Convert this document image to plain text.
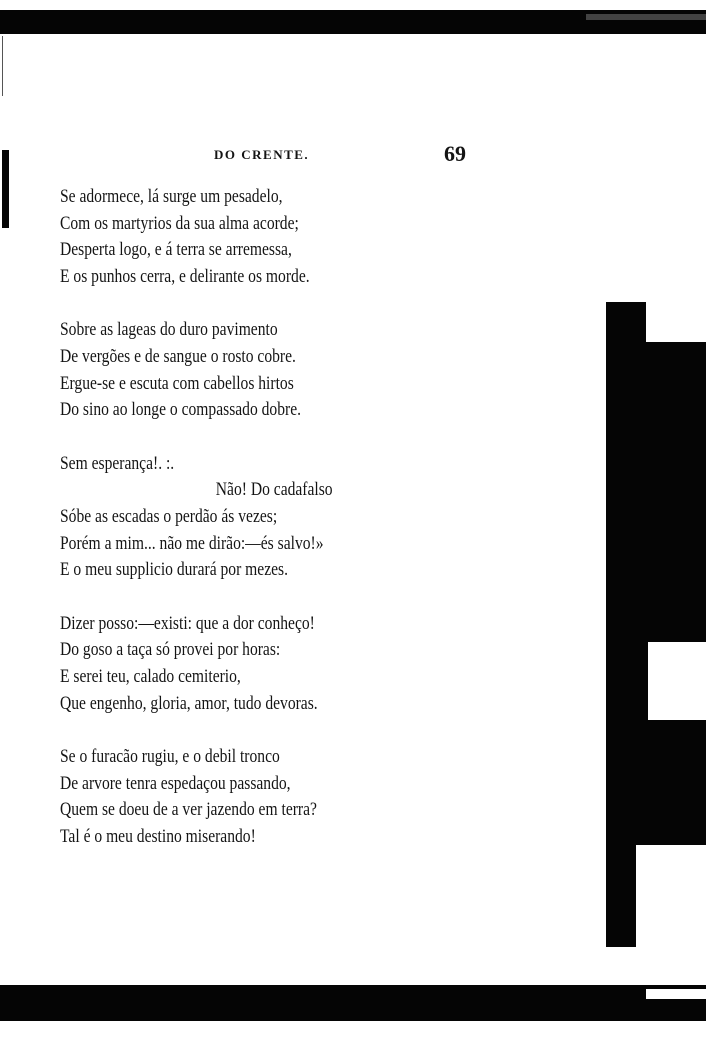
DO CRENTE.	69
Se adormece, lá surge um pesadelo,
Com os martyrios da sua alma acorde;
Desperta logo, e á terra se arremessa,
E os punhos cerra, e delirante os morde.
Sobre as lageas do duro pavimento
De vergões e de sangue o rosto cobre.
Ergue-se e escuta com cabellos hirtos
Do sino ao longe o compassado dobre.
Sem esperança!. :.
Não! Do cadafalso
Sóbe as escadas o perdão ás vezes;
Porém a mim... não me dirão:—és salvo!»
E o meu supplicio durará por mezes.
Dizer posso:—existi: que a dor conheço!
Do goso a taça só provei por horas:
E serei teu, calado cemiterio,
Que engenho, gloria, amor, tudo devoras.
Se o furacão rugiu, e o debil tronco
De arvore tenra espedaçou passando,
Quem se doeu de a ver jazendo em terra?
Tal é o meu destino miserando!
